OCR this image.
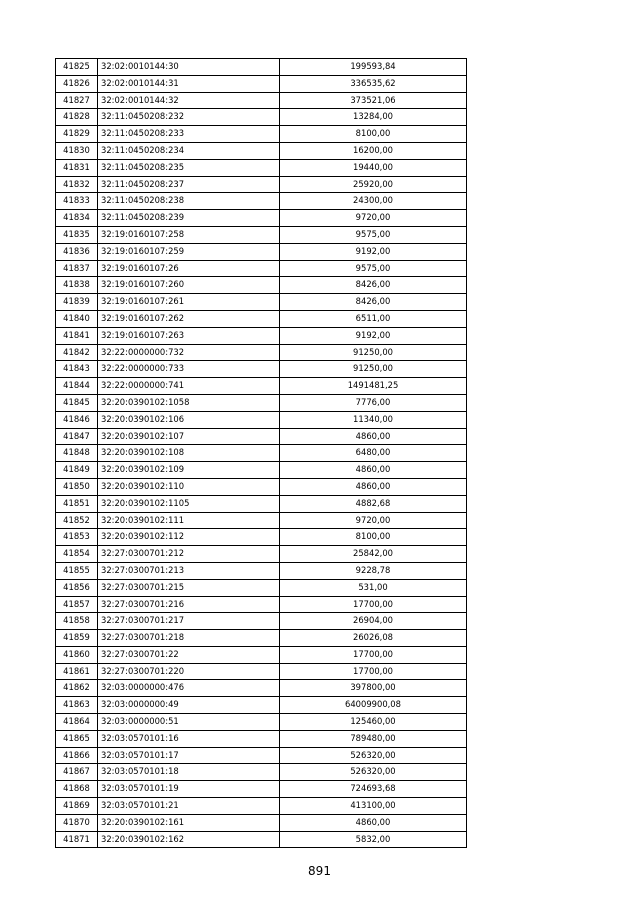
41825	32:02:0010144:30	199593,84
41826	32:02:0010144:31	336535,62
41827	32:02:0010144:32	373521,06
41828	32:11:0450208:232	13284,00
41829	32:11:0450208:233	8100,00
41830	32:11:0450208:234	16200,00
41831	32:11:0450208:235	19440,00
41832	32:11:0450208:237	25920,00
41833	32:11:0450208:238	24300,00
41834	32:11:0450208:239	9720,00
41835	32:19:0160107:258	9575,00
41836	32:19:0160107:259	9192,00
41837	32:19:0160107:26	9575,00
41838	32:19:0160107:260	8426,00
41839	32:19:0160107:261	8426,00
41840	32:19:0160107:262	6511,00
41841	32:19:0160107:263	9192,00
41842	32:22:0000000:732	91250,00
41843	32:22:0000000:733	91250,00
41844	32:22:0000000:741	1491481,25
41845	32:20:0390102:1058	7776,00
41846	32:20:0390102:106	11340,00
41847	32:20:0390102:107	4860,00
41848	32:20:0390102:108	6480,00
41849	32:20:0390102:109	4860,00
41850	32:20:0390102:110	4860,00
41851	32:20:0390102:1105	4882,68
41852	32:20:0390102:111	9720,00
41853	32:20:0390102:112	8100,00
41854	32:27:0300701:212	25842,00
41855	32:27:0300701:213	9228,78
41856	32:27:0300701:215	531,00
41857	32:27:0300701:216	17700,00
41858	32:27:0300701:217	26904,00
41859	32:27:0300701:218	26026,08
41860	32:27:0300701:22	17700,00
41861	32:27:0300701:220	17700,00
41862	32:03:0000000:476	397800,00
41863	32:03:0000000:49	64009900,08
41864	32:03:0000000:51	125460,00
41865	32:03:0570101:16	789480,00
41866	32:03:0570101:17	526320,00
41867	32:03:0570101:18	526320,00
41868	32:03:0570101:19	724693,68
41869	32:03:0570101:21	413100,00
41870	32:20:0390102:161	4860,00
41871	32:20:0390102:162	5832,00
891
